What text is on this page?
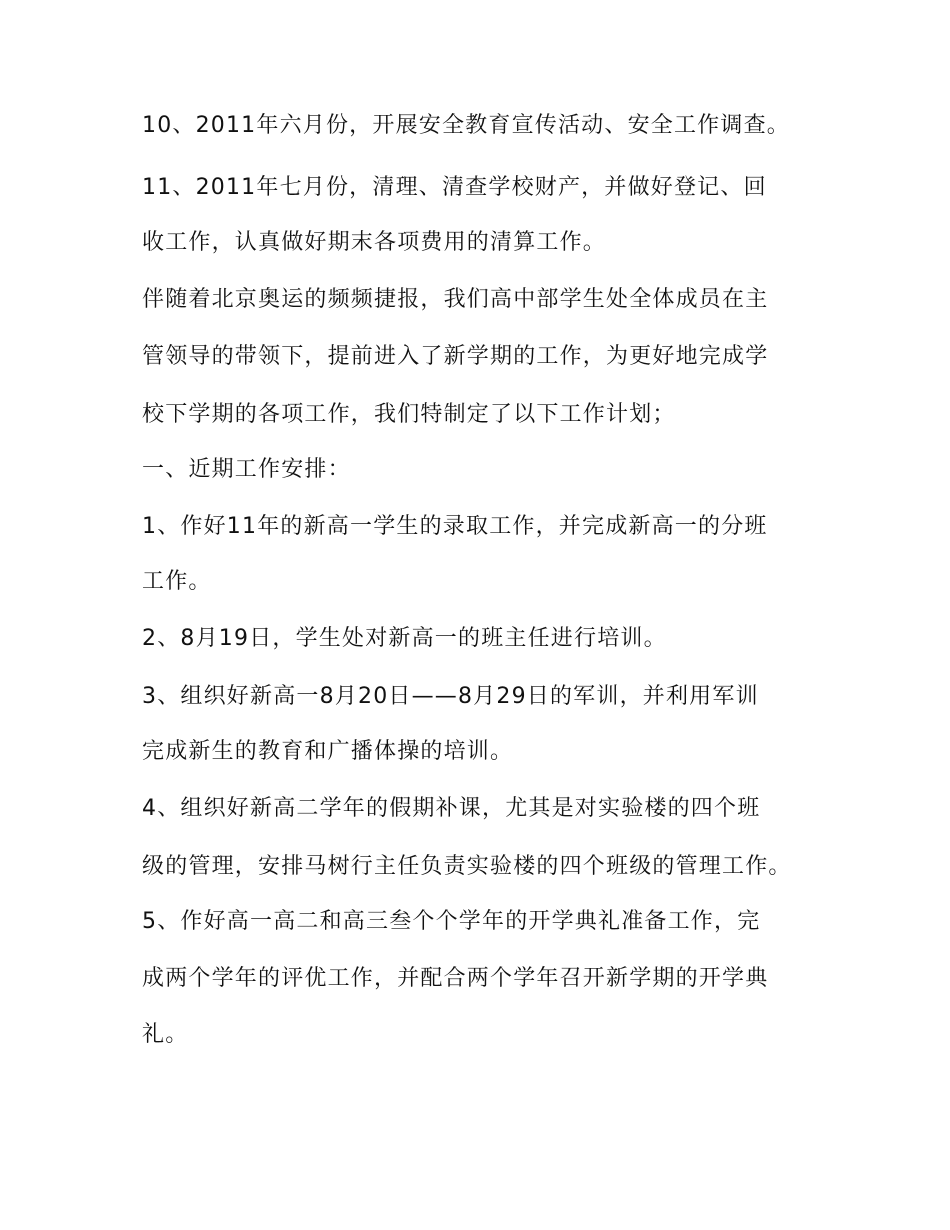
10、2011年六月份，开展安全教育宣传活动、安全工作调查。
11、2011年七月份，清理、清查学校财产，并做好登记、回
收工作，认真做好期末各项费用的清算工作。
伴随着北京奥运的频频捷报，我们高中部学生处全体成员在主
管领导的带领下，提前进入了新学期的工作，为更好地完成学
校下学期的各项工作，我们特制定了以下工作计划；
一、近期工作安排：
1、作好11年的新高一学生的录取工作，并完成新高一的分班
工作。
2、8月19日，学生处对新高一的班主任进行培训。
3、组织好新高一8月20日——8月29日的军训，并利用军训
完成新生的教育和广播体操的培训。
4、组织好新高二学年的假期补课，尤其是对实验楼的四个班
级的管理，安排马树行主任负责实验楼的四个班级的管理工作。
5、作好高一高二和高三叁个个学年的开学典礼准备工作，完
成两个学年的评优工作，并配合两个学年召开新学期的开学典
礼。
